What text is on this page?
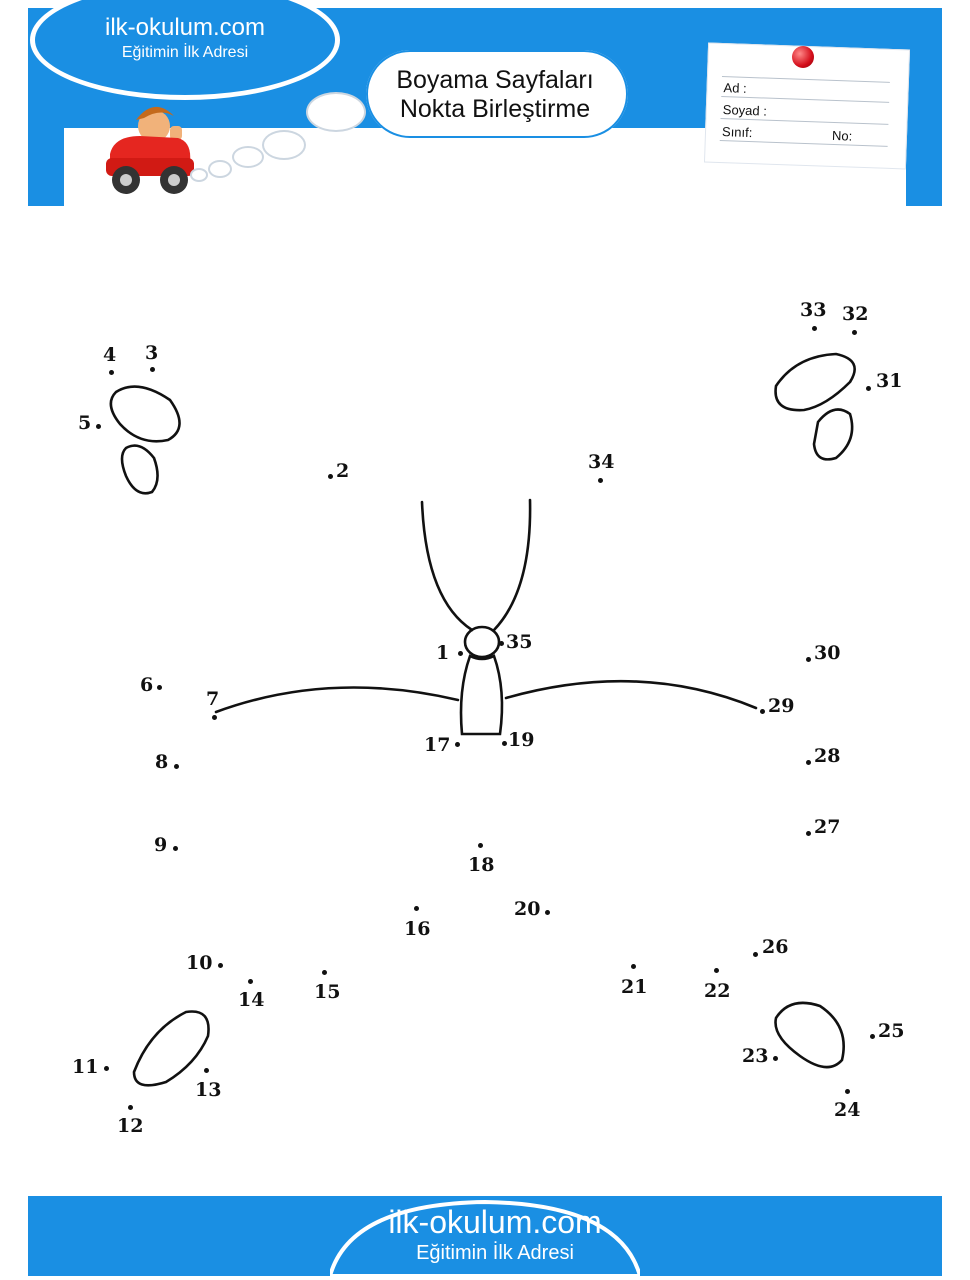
ilk-okulum.com
Eğitimin İlk Adresi
Boyama Sayfaları
Nokta Birleştirme
Ad :
Soyad :
Sınıf:	No:
1
2
3
4
5
6
7
8
9
10
11
12
13
14	15
16
17
18
19
20
21	22
23
24
25
26
27
28
29
30
31
32
33
34
35
ilk-okulum.com
Eğitimin İlk Adresi
